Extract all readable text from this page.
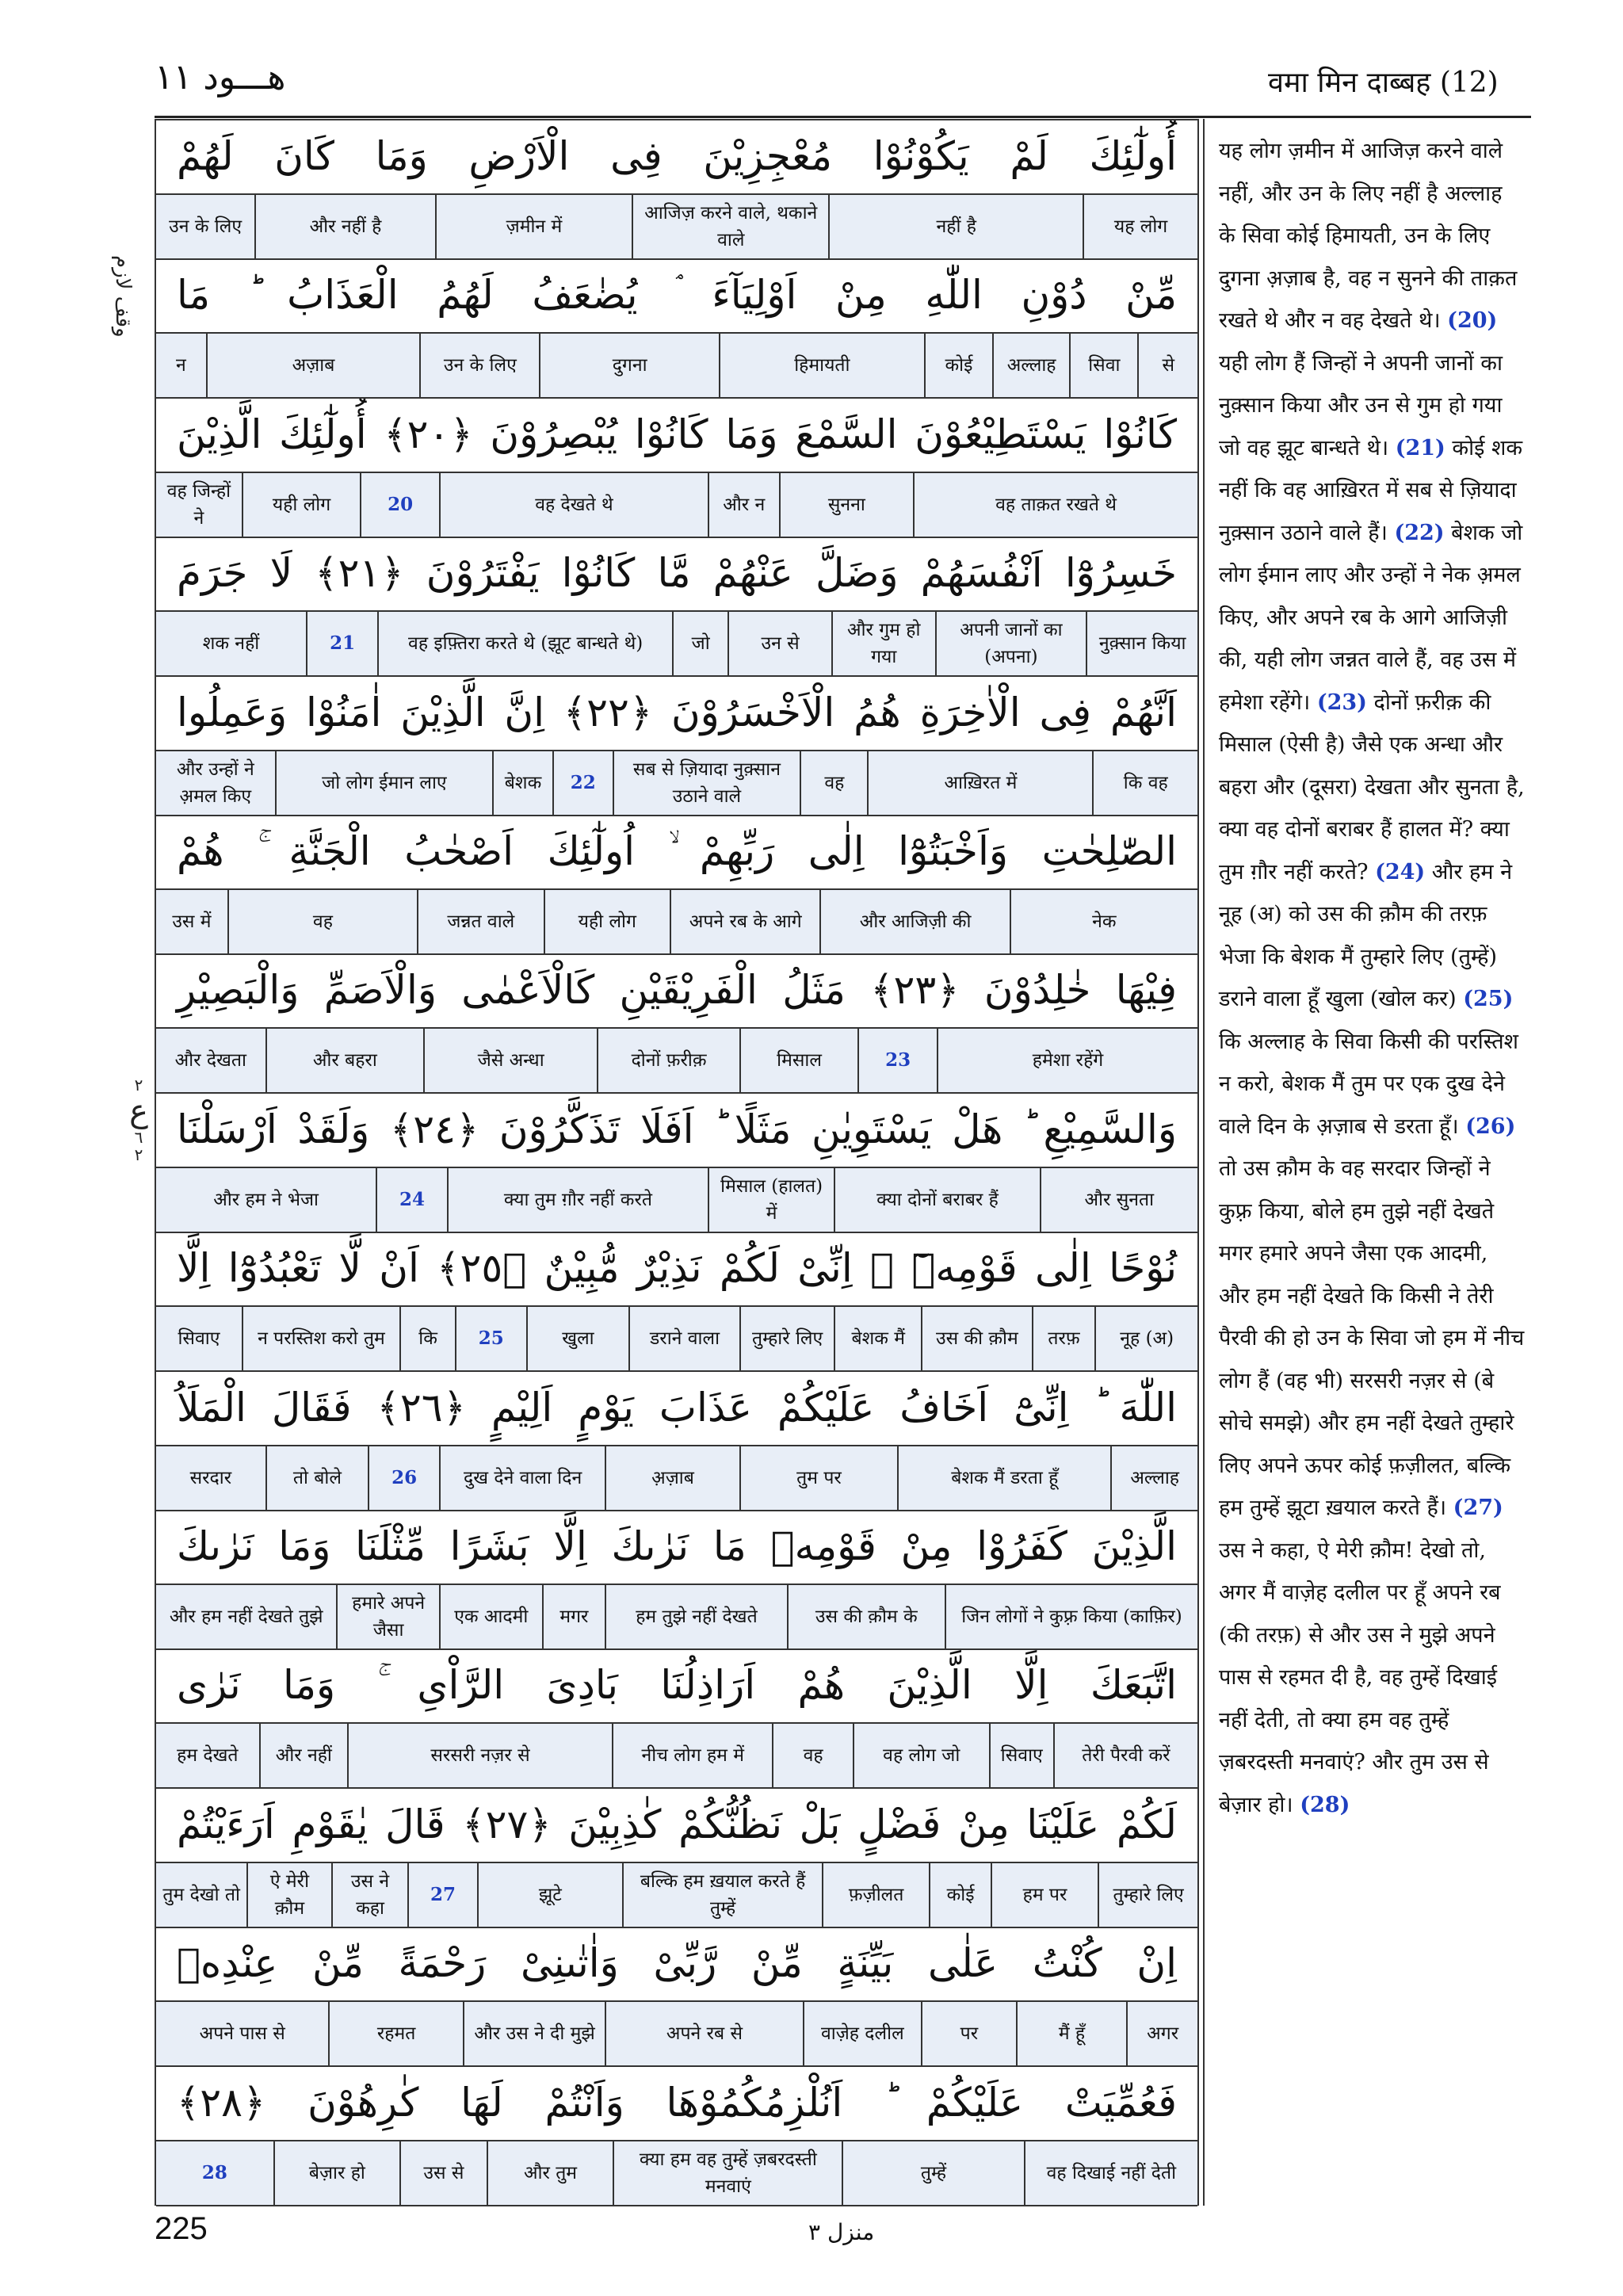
هـــود ١١	वमा मिन दाब्बह (12)
وقف لازم
٢
ع
٦
٢
أُولٰٓئِكَ لَمْ يَكُوْنُوْا مُعْجِزِيْنَ فِى الْاَرْضِ وَمَا كَانَ لَهُمْ
यह लोग
नहीं है
आजिज़ करने वाले, थकाने वाले
ज़मीन में
और नहीं है
उन के लिए
مِّنْ دُوْنِ اللّٰهِ مِنْ اَوْلِيَآءَ ۘ يُضٰعَفُ لَهُمُ الْعَذَابُ ؕ مَا
से
सिवा
अल्लाह
कोई
हिमायती
दुगना
उन के लिए
अज़ाब
न
كَانُوْا يَسْتَطِيْعُوْنَ السَّمْعَ وَمَا كَانُوْا يُبْصِرُوْنَ ﴿٢٠﴾ أُولٰٓئِكَ الَّذِيْنَ
वह ताक़त रखते थे
सुनना
और न
वह देखते थे
20
यही लोग
वह जिन्हों ने
خَسِرُوْٓا اَنْفُسَهُمْ وَضَلَّ عَنْهُمْ مَّا كَانُوْا يَفْتَرُوْنَ ﴿٢١﴾ لَا جَرَمَ
नुक़्सान किया
अपनी जानों का (अपना)
और गुम हो गया
उन से
जो
वह इफ़्तिरा करते थे (झूट बान्धते थे)
21
शक नहीं
اَنَّهُمْ فِى الْاٰخِرَةِ هُمُ الْاَخْسَرُوْنَ ﴿٢٢﴾ اِنَّ الَّذِيْنَ اٰمَنُوْا وَعَمِلُوا
कि वह
आख़िरत में
वह
सब से ज़ियादा नुक़्सान उठाने वाले
22
बेशक
जो लोग ईमान लाए
और उन्हों ने अ़मल किए
الصّٰلِحٰتِ وَاَخْبَتُوْٓا اِلٰى رَبِّهِمْ ۙ اُولٰٓئِكَ اَصْحٰبُ الْجَنَّةِ ۚ هُمْ
नेक
और आजिज़ी की
अपने रब के आगे
यही लोग
जन्नत वाले
वह
उस में
فِيْهَا خٰلِدُوْنَ ﴿٢٣﴾ مَثَلُ الْفَرِيْقَيْنِ كَالْاَعْمٰى وَالْاَصَمِّ وَالْبَصِيْرِ
हमेशा रहेंगे
23
मिसाल
दोनों फ़रीक़
जैसे अन्धा
और बहरा
और देखता
وَالسَّمِيْعِ ؕ هَلْ يَسْتَوِيٰنِ مَثَلًا ؕ اَفَلَا تَذَكَّرُوْنَ ﴿٢٤﴾ وَلَقَدْ اَرْسَلْنَا
और सुनता
क्या दोनों बराबर हैं
मिसाल (हालत) में
क्या तुम ग़ौर नहीं करते
24
और हम ने भेजा
نُوْحًا اِلٰى قَوْمِهٖٓ ۘ اِنِّىْ لَكُمْ نَذِيْرٌ مُّبِيْنٌ ﴿٢٥﴾ اَنْ لَّا تَعْبُدُوْٓا اِلَّا
नूह (अ)
तरफ़
उस की क़ौम
बेशक मैं
तुम्हारे लिए
डराने वाला
खुला
25
कि
न परस्तिश करो तुम
सिवाए
اللّٰهَ ؕ اِنِّىْٓ اَخَافُ عَلَيْكُمْ عَذَابَ يَوْمٍ اَلِيْمٍ ﴿٢٦﴾ فَقَالَ الْمَلَاُ
अल्लाह
बेशक मैं डरता हूँ
तुम पर
अ़ज़ाब
दुख देने वाला दिन
26
तो बोले
सरदार
الَّذِيْنَ كَفَرُوْا مِنْ قَوْمِهٖ مَا نَرٰىكَ اِلَّا بَشَرًا مِّثْلَنَا وَمَا نَرٰىكَ
जिन लोगों ने कुफ़्र किया (काफ़िर)
उस की क़ौम के
हम तुझे नहीं देखते
मगर
एक आदमी
हमारे अपने जैसा
और हम नहीं देखते तुझे
اتَّبَعَكَ اِلَّا الَّذِيْنَ هُمْ اَرَاذِلُنَا بَادِىَ الرَّاْىِ ۚ وَمَا نَرٰى
तेरी पैरवी करें
सिवाए
वह लोग जो
वह
नीच लोग हम में
सरसरी नज़र से
और नहीं
हम देखते
لَكُمْ عَلَيْنَا مِنْ فَضْلٍ بَلْ نَظُنُّكُمْ كٰذِبِيْنَ ﴿٢٧﴾ قَالَ يٰقَوْمِ اَرَءَيْتُمْ
तुम्हारे लिए
हम पर
कोई
फ़ज़ीलत
बल्कि हम ख़याल करते हैं तुम्हें
झूटे
27
उस ने कहा
ऐ मेरी क़ौम
तुम देखो तो
اِنْ كُنْتُ عَلٰى بَيِّنَةٍ مِّنْ رَّبِّىْ وَاٰتٰىنِىْ رَحْمَةً مِّنْ عِنْدِهٖ
अगर
मैं हूँ
पर
वाज़ेह दलील
अपने रब से
और उस ने दी मुझे
रहमत
अपने पास से
فَعُمِّيَتْ عَلَيْكُمْ ؕ اَنُلْزِمُكُمُوْهَا وَاَنْتُمْ لَهَا كٰرِهُوْنَ ﴿٢٨﴾
वह दिखाई नहीं देती
तुम्हें
क्या हम वह तुम्हें ज़बरदस्ती मनवाएं
और तुम
उस से
बेज़ार हो
28
यह लोग ज़मीन में आजिज़ करने वाले नहीं, और उन के लिए नहीं है अल्लाह के सिवा कोई हिमायती, उन के लिए दुगना अ़ज़ाब है, वह न सुनने की ताक़त रखते थे और न वह देखते थे। (20) यही लोग हैं जिन्हों ने अपनी जानों का नुक़्सान किया और उन से गुम हो गया जो वह झूट बान्धते थे। (21) कोई शक नहीं कि वह आख़िरत में सब से ज़ियादा नुक़्सान उठाने वाले हैं। (22) बेशक जो लोग ईमान लाए और उन्हों ने नेक अ़मल किए, और अपने रब के आगे आजिज़ी की, यही लोग जन्नत वाले हैं, वह उस में हमेशा रहेंगे। (23) दोनों फ़रीक़ की मिसाल (ऐसी है) जैसे एक अन्धा और बहरा और (दूसरा) देखता और सुनता है, क्या वह दोनों बराबर हैं हालत में? क्या तुम ग़ौर नहीं करते? (24) और हम ने नूह (अ) को उस की क़ौम की तरफ़ भेजा कि बेशक मैं तुम्हारे लिए (तुम्हें) डराने वाला हूँ खुला (खोल कर) (25) कि अल्लाह के सिवा किसी की परस्तिश न करो, बेशक मैं तुम पर एक दुख देने वाले दिन के अ़ज़ाब से डरता हूँ। (26) तो उस क़ौम के वह सरदार जिन्हों ने कुफ़्र किया, बोले हम तुझे नहीं देखते मगर हमारे अपने जैसा एक आदमी, और हम नहीं देखते कि किसी ने तेरी पैरवी की हो उन के सिवा जो हम में नीच लोग हैं (वह भी) सरसरी नज़र से (बे सोचे समझे) और हम नहीं देखते तुम्हारे लिए अपने ऊपर कोई फ़ज़ीलत, बल्कि हम तुम्हें झूटा ख़याल करते हैं। (27) उस ने कहा, ऐ मेरी क़ौम! देखो तो, अगर मैं वाज़ेह दलील पर हूँ अपने रब (की तरफ़) से और उस ने मुझे अपने पास से रहमत दी है, वह तुम्हें दिखाई नहीं देती, तो क्या हम वह तुम्हें ज़बरदस्ती मनवाएं? और तुम उस से बेज़ार हो। (28)
225	منزل ٣
